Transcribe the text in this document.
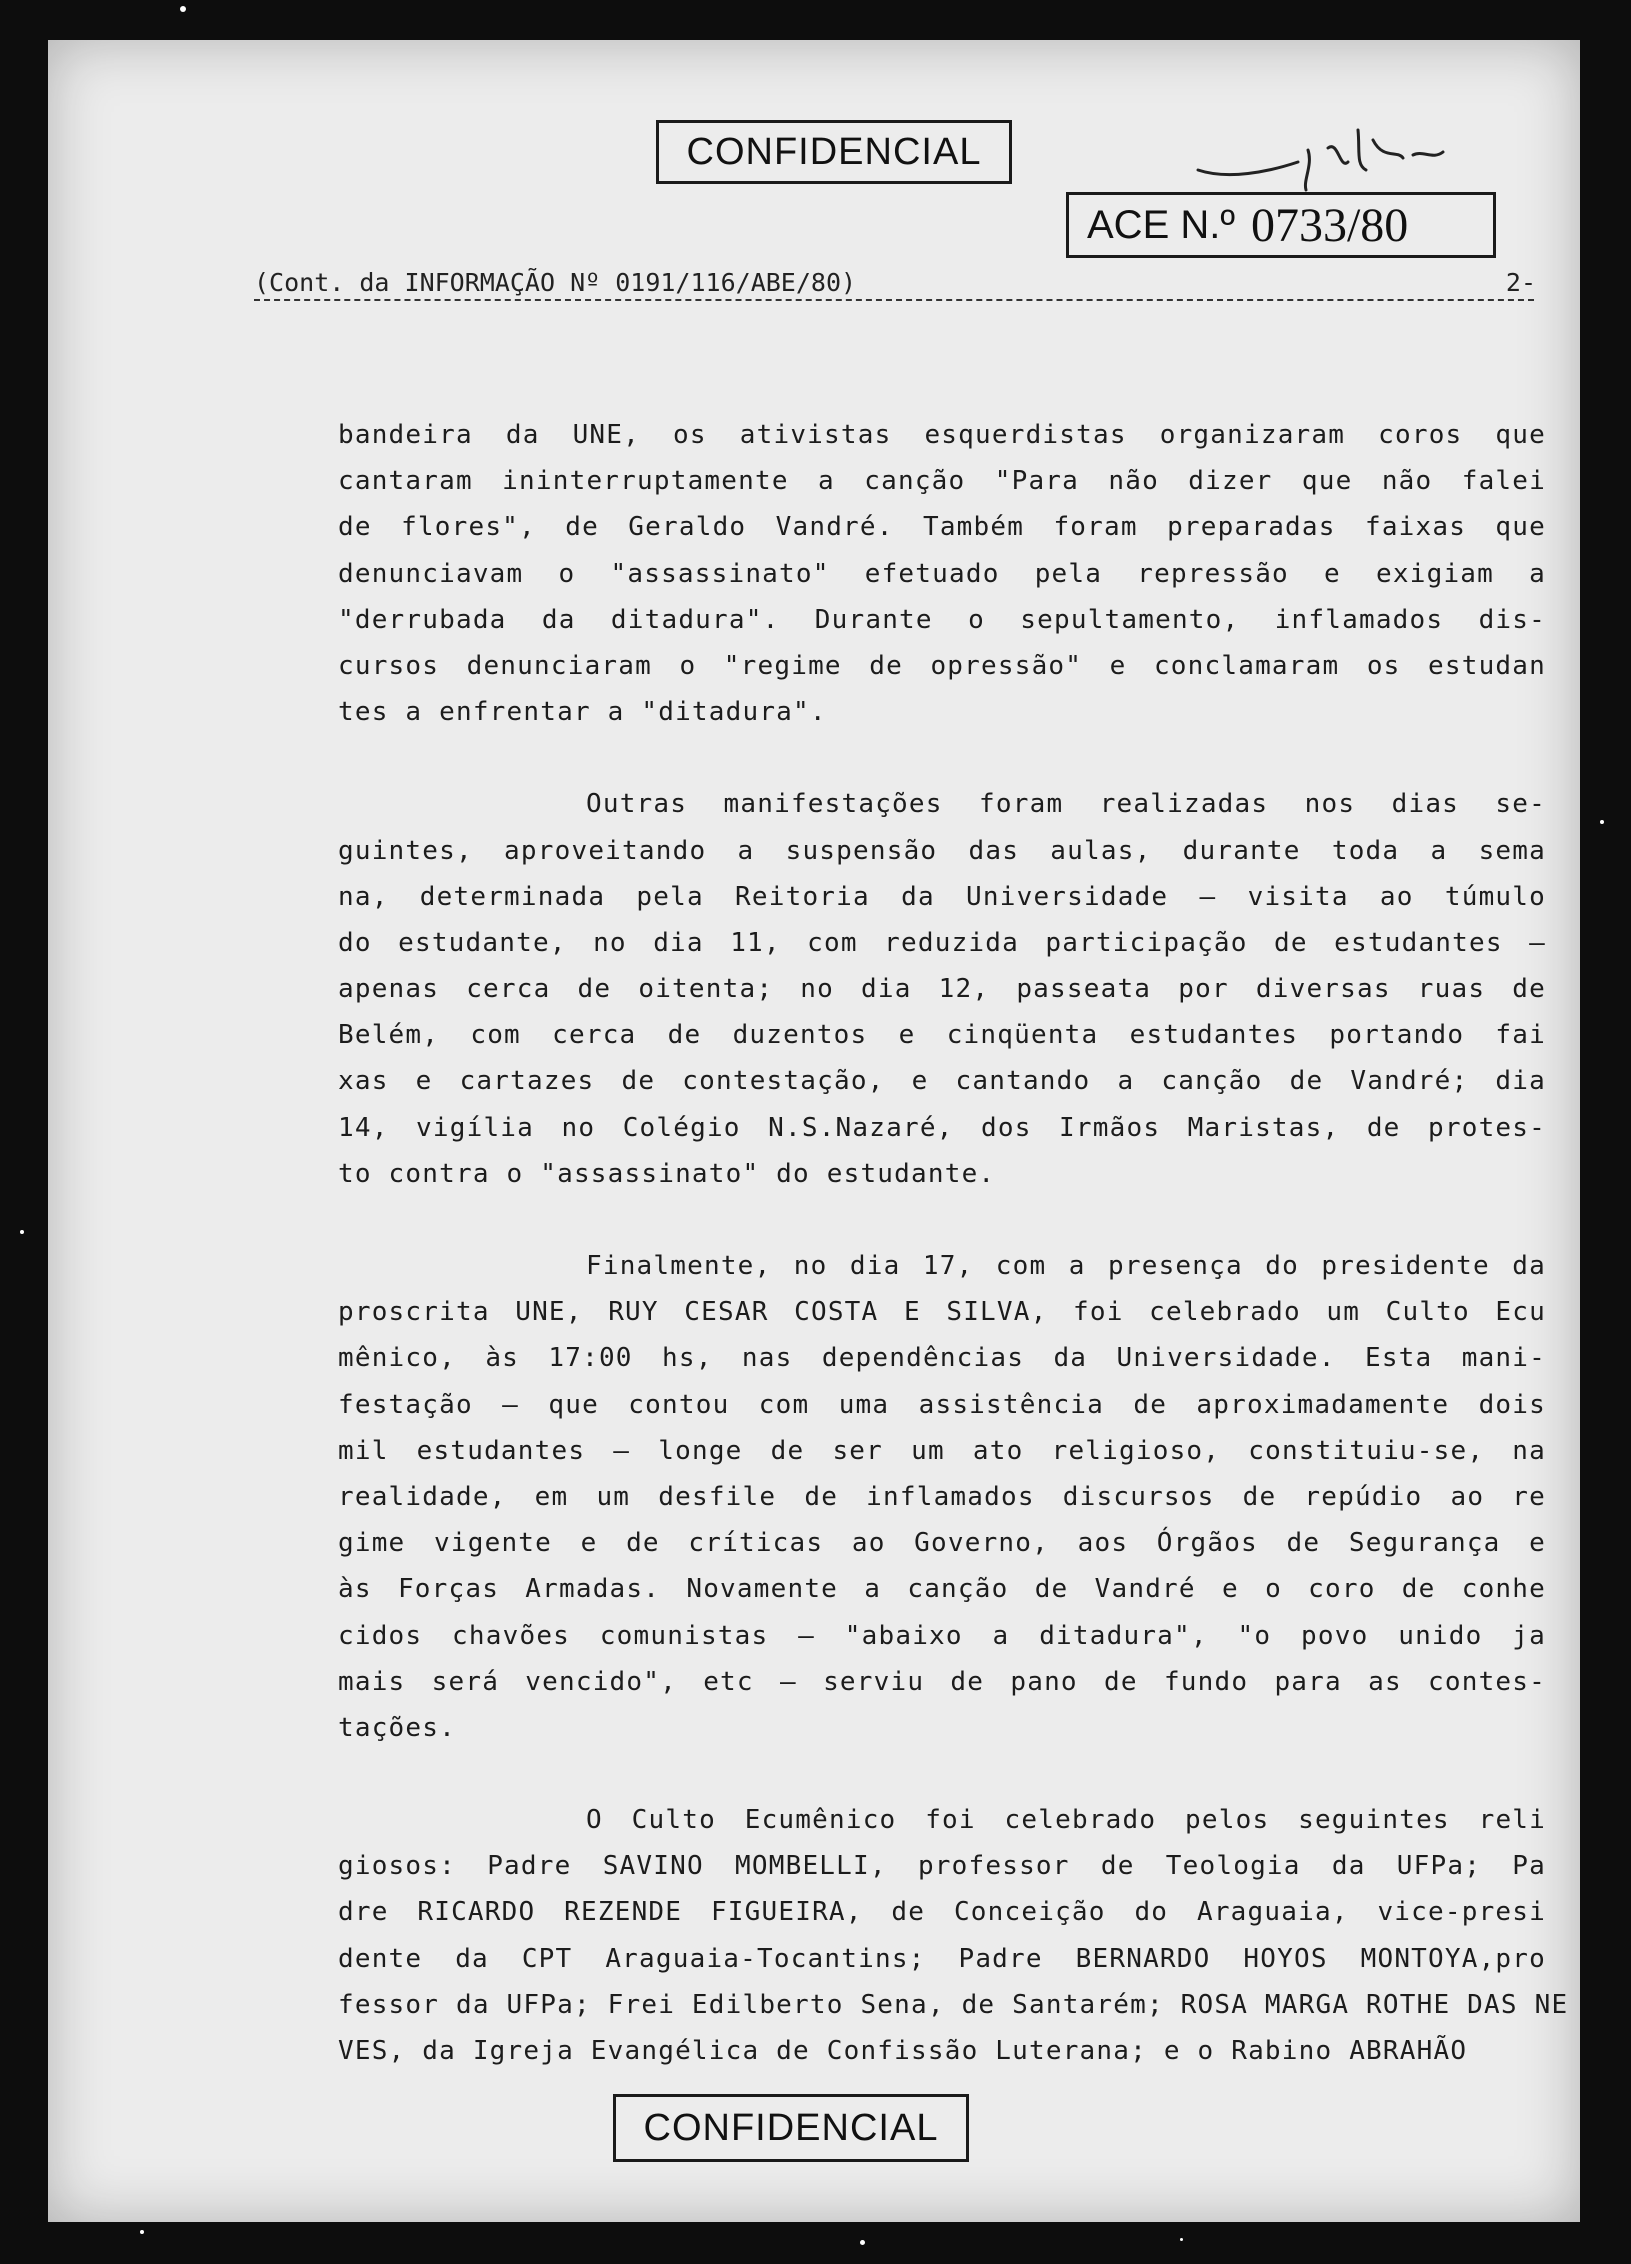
CONFIDENCIAL
ACE N.º 0733/80
(Cont. da INFORMAÇÃO Nº 0191/116/ABE/80)	2-
bandeira da UNE, os ativistas esquerdistas organizaram coros que
cantaram ininterruptamente a canção "Para não dizer que não falei
de flores", de Geraldo Vandré. Também foram preparadas faixas que
denunciavam o "assassinato" efetuado pela repressão e exigiam a
"derrubada da ditadura". Durante o sepultamento, inflamados dis-
cursos denunciaram o "regime de opressão" e conclamaram os estudan
tes a enfrentar a "ditadura".
Outras manifestações foram realizadas nos dias se-
guintes, aproveitando a suspensão das aulas, durante toda a sema
na, determinada pela Reitoria da Universidade — visita ao túmulo
do estudante, no dia 11, com reduzida participação de estudantes —
apenas cerca de oitenta; no dia 12, passeata por diversas ruas de
Belém, com cerca de duzentos e cinqüenta estudantes portando fai
xas e cartazes de contestação, e cantando a canção de Vandré; dia
14, vigília no Colégio N.S.Nazaré, dos Irmãos Maristas, de protes-
to contra o "assassinato" do estudante.
Finalmente, no dia 17, com a presença do presidente da
proscrita UNE, RUY CESAR COSTA E SILVA, foi celebrado um Culto Ecu
mênico, às 17:00 hs, nas dependências da Universidade. Esta mani-
festação — que contou com uma assistência de aproximadamente dois
mil estudantes — longe de ser um ato religioso, constituiu-se, na
realidade, em um desfile de inflamados discursos de repúdio ao re
gime vigente e de críticas ao Governo, aos Órgãos de Segurança e
às Forças Armadas. Novamente a canção de Vandré e o coro de conhe
cidos chavões comunistas — "abaixo a ditadura", "o povo unido ja
mais será vencido", etc — serviu de pano de fundo para as contes-
tações.
O Culto Ecumênico foi celebrado pelos seguintes reli
giosos: Padre SAVINO MOMBELLI, professor de Teologia da UFPa; Pa
dre RICARDO REZENDE FIGUEIRA, de Conceição do Araguaia, vice-presi
dente da CPT Araguaia-Tocantins; Padre BERNARDO HOYOS MONTOYA,pro
fessor da UFPa; Frei Edilberto Sena, de Santarém; ROSA MARGA ROTHE DAS NE
VES, da Igreja Evangélica de Confissão Luterana; e o Rabino ABRAHÃO
CONFIDENCIAL
